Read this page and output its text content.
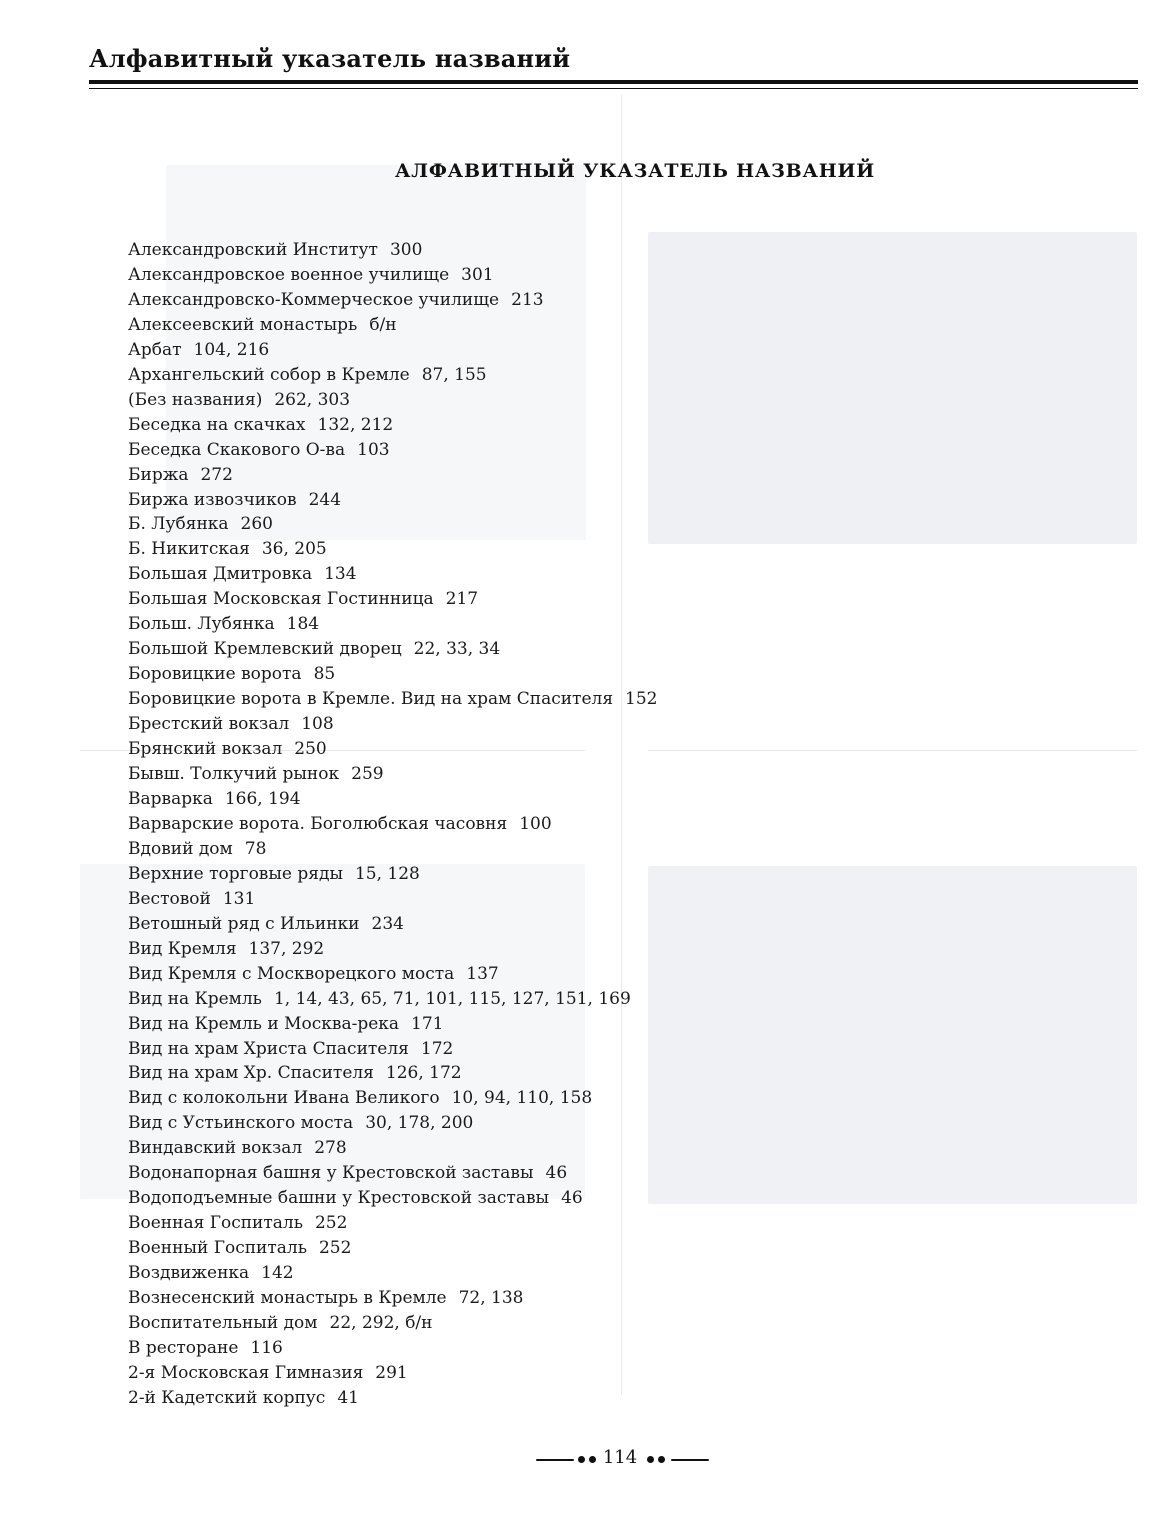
Алфавитный указатель названий
АЛФАВИТНЫЙ УКАЗАТЕЛЬ НАЗВАНИЙ
Александровский Институт 300
Александровское военное училище 301
Александровско-Коммерческое училище 213
Алексеевский монастырь б/н
Арбат 104, 216
Архангельский собор в Кремле 87, 155
(Без названия) 262, 303
Беседка на скачках 132, 212
Беседка Скакового О-ва 103
Биржа 272
Биржа извозчиков 244
Б. Лубянка 260
Б. Никитская 36, 205
Большая Дмитровка 134
Большая Московская Гостинница 217
Больш. Лубянка 184
Большой Кремлевский дворец 22, 33, 34
Боровицкие ворота 85
Боровицкие ворота в Кремле. Вид на храм Спасителя 152
Брестский вокзал 108
Брянский вокзал 250
Бывш. Толкучий рынок 259
Варварка 166, 194
Варварские ворота. Боголюбская часовня 100
Вдовий дом 78
Верхние торговые ряды 15, 128
Вестовой 131
Ветошный ряд с Ильинки 234
Вид Кремля 137, 292
Вид Кремля с Москворецкого моста 137
Вид на Кремль 1, 14, 43, 65, 71, 101, 115, 127, 151, 169
Вид на Кремль и Москва-река 171
Вид на храм Христа Спасителя 172
Вид на храм Хр. Спасителя 126, 172
Вид с колокольни Ивана Великого 10, 94, 110, 158
Вид с Устьинского моста 30, 178, 200
Виндавский вокзал 278
Водонапорная башня у Крестовской заставы 46
Водоподъемные башни у Крестовской заставы 46
Военная Госпиталь 252
Военный Госпиталь 252
Воздвиженка 142
Вознесенский монастырь в Кремле 72, 138
Воспитательный дом 22, 292, б/н
В ресторане 116
2-я Московская Гимназия 291
2-й Кадетский корпус 41
114
